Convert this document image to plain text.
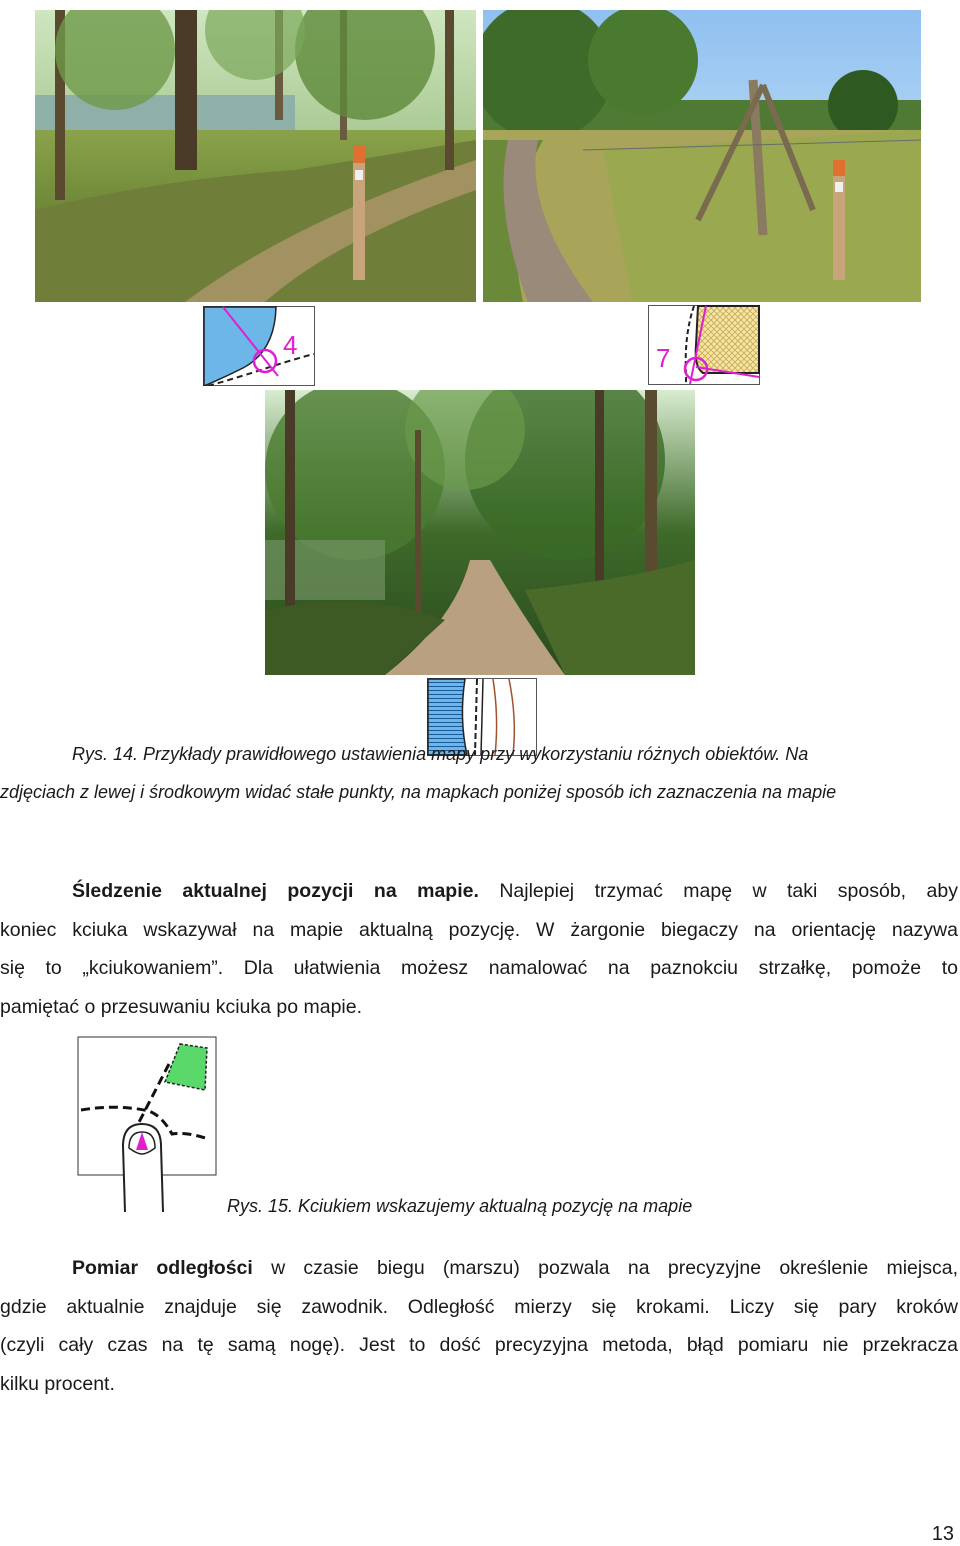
4	7
Rys. 14. Przykłady prawidłowego ustawienia mapy przy wykorzystaniu różnych obiektów. Na
zdjęciach z lewej i środkowym widać stałe punkty, na mapkach poniżej sposób ich zaznaczenia na mapie
Śledzenie aktualnej pozycji na mapie. Najlepiej trzymać mapę w taki sposób, aby
koniec kciuka wskazywał na mapie aktualną pozycję. W żargonie biegaczy na orientację nazywa
się to „kciukowaniem”. Dla ułatwienia możesz namalować na paznokciu strzałkę, pomoże to
pamiętać o przesuwaniu kciuka po mapie.
Rys. 15. Kciukiem wskazujemy aktualną pozycję na mapie
Pomiar odległości w czasie biegu (marszu) pozwala na precyzyjne określenie miejsca,
gdzie aktualnie znajduje się zawodnik. Odległość mierzy się krokami. Liczy się pary kroków
(czyli cały czas na tę samą nogę). Jest to dość precyzyjna metoda, błąd pomiaru nie przekracza
kilku procent.
13
